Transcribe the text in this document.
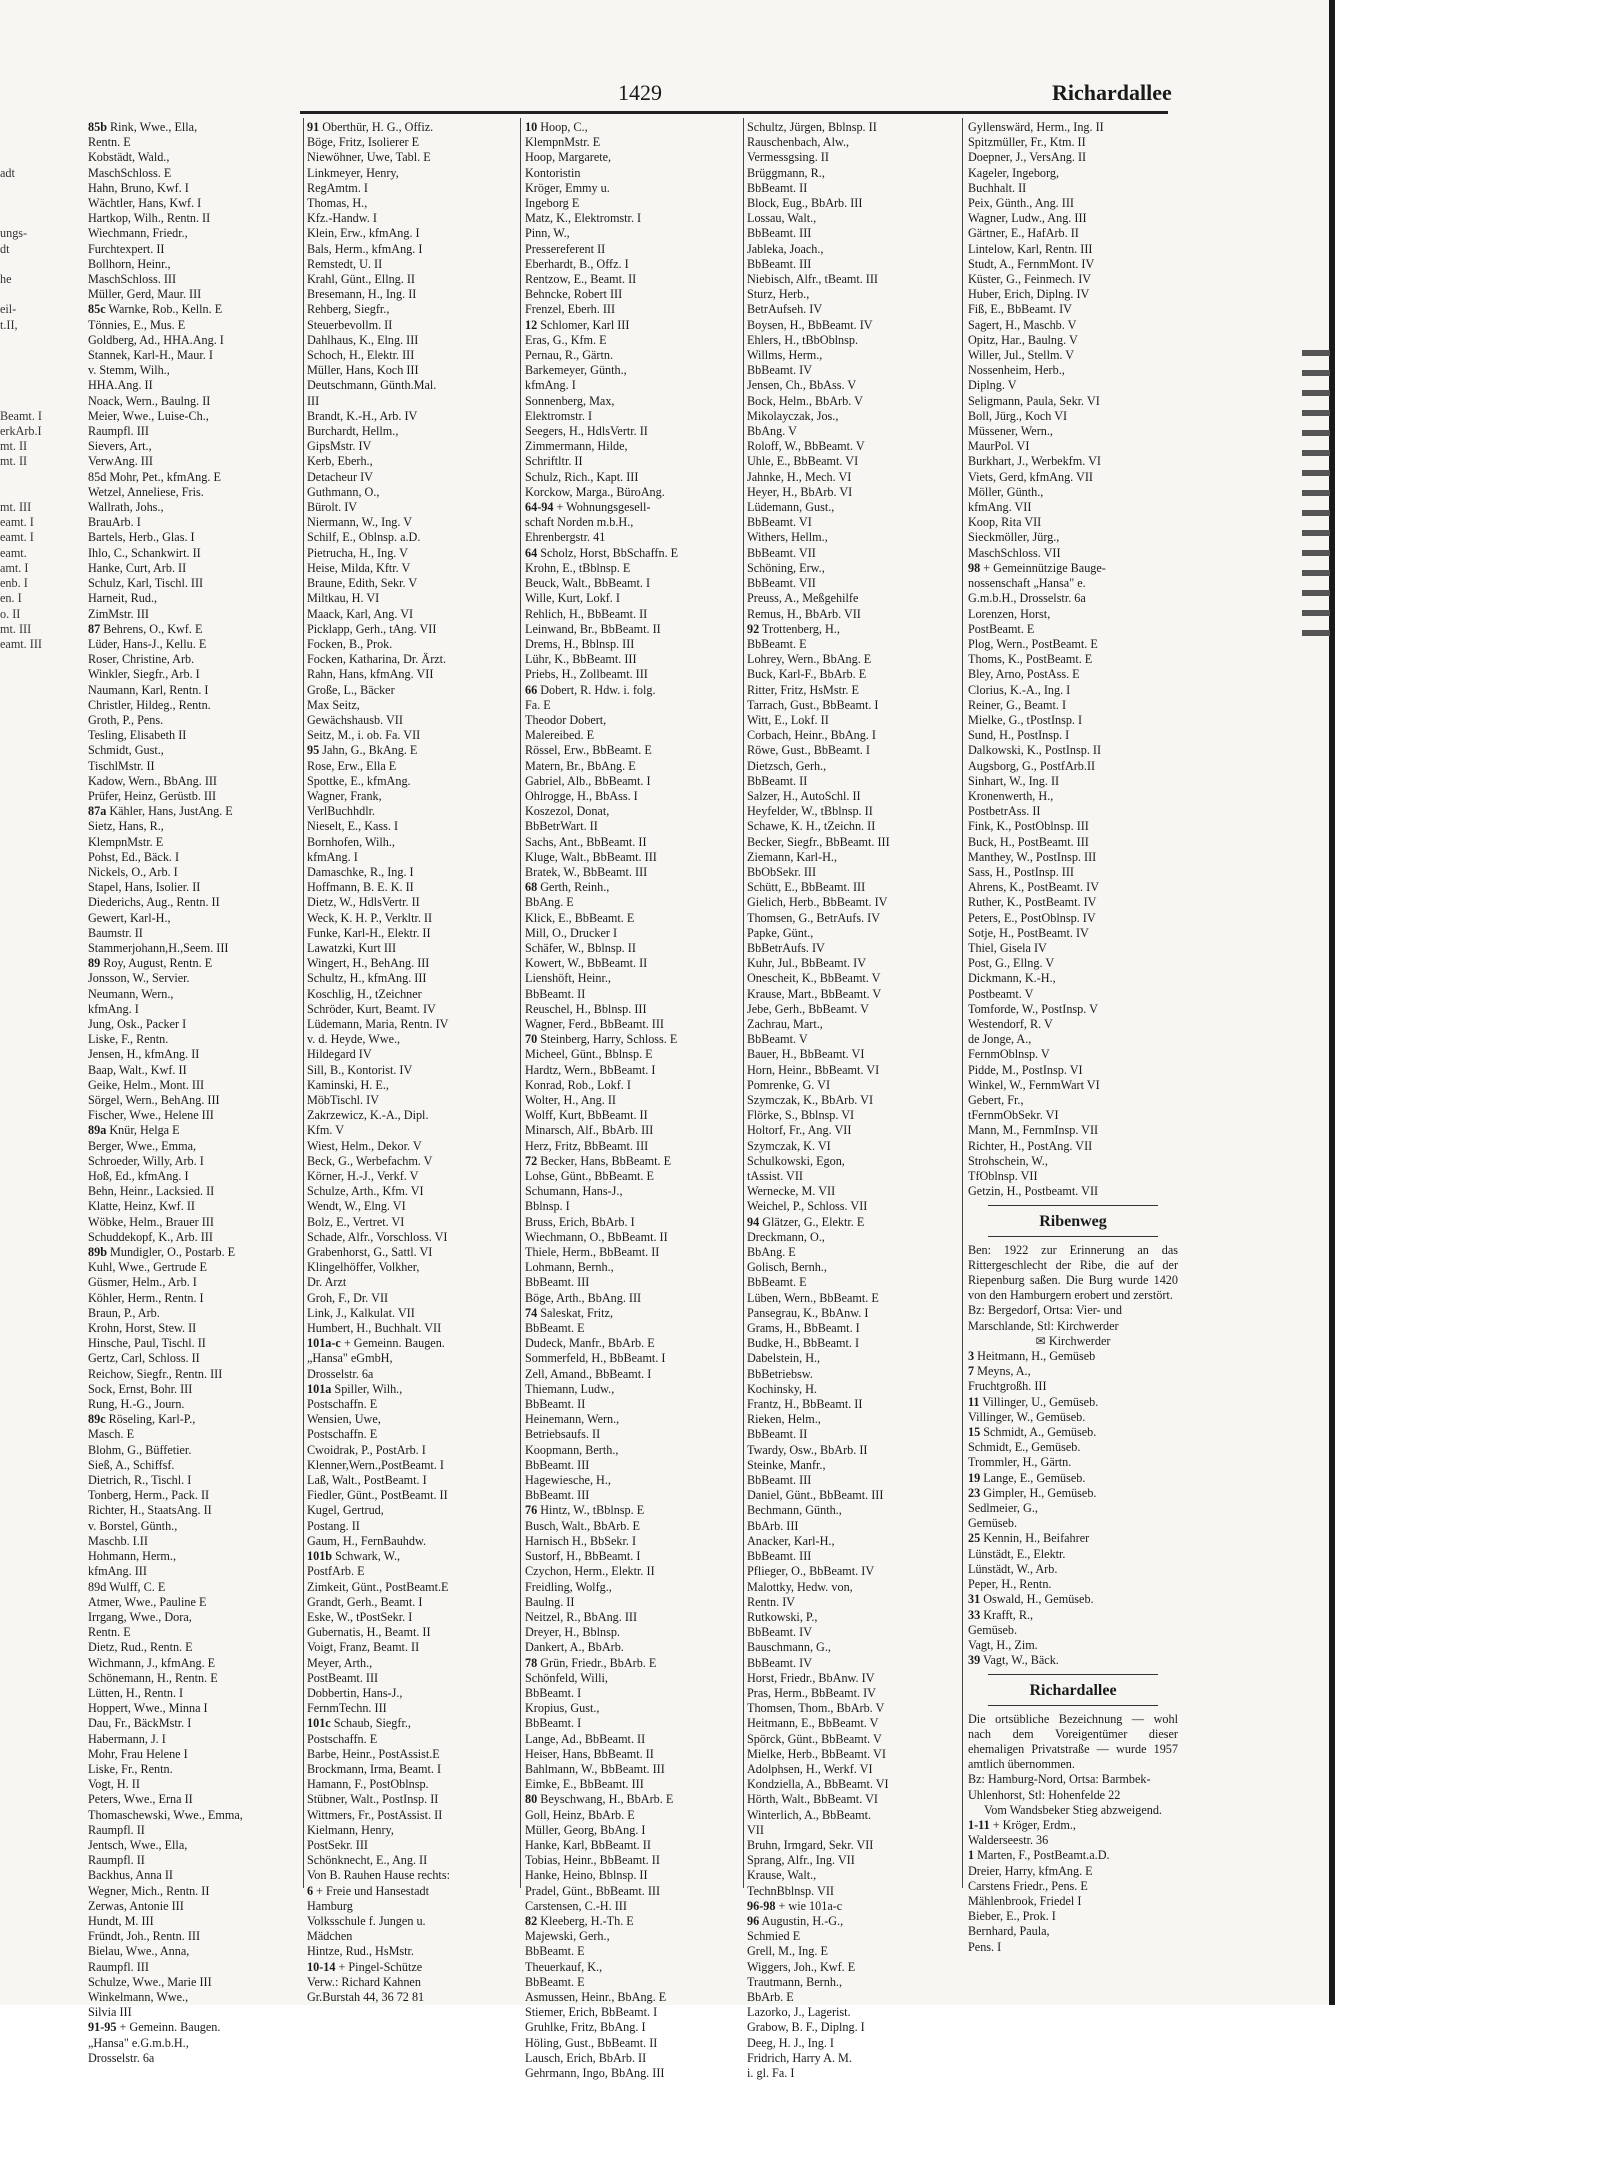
1429	Richardallee

adt

ungs-
dt

he

eil-
t.II,

Beamt. I
erkArb.I
mt. II
mt. II

mt. III
eamt. I
eamt. I
eamt.
amt. I
enb. I
en. I
o. II
mt. III
eamt. III
85b Rink, Wwe., Ella,
Rentn. E
Kobstädt, Wald.,
MaschSchloss. E
Hahn, Bruno, Kwf. I
Wächtler, Hans, Kwf. I
Hartkop, Wilh., Rentn. II
Wiechmann, Friedr.,
Furchtexpert. II
Bollhorn, Heinr.,
MaschSchloss. III
Müller, Gerd, Maur. III
85c Warnke, Rob., Kelln. E
Tönnies, E., Mus. E
Goldberg, Ad., HHA.Ang. I
Stannek, Karl-H., Maur. I
v. Stemm, Wilh.,
HHA.Ang. II
Noack, Wern., Baulng. II
Meier, Wwe., Luise-Ch.,
Raumpfl. III
Sievers, Art.,
VerwAng. III
85d Mohr, Pet., kfmAng. E
Wetzel, Anneliese, Fris.
Wallrath, Johs.,
BrauArb. I
Bartels, Herb., Glas. I
Ihlo, C., Schankwirt. II
Hanke, Curt, Arb. II
Schulz, Karl, Tischl. III
Harneit, Rud.,
ZimMstr. III
87 Behrens, O., Kwf. E
Lüder, Hans-J., Kellu. E
Roser, Christine, Arb.
Winkler, Siegfr., Arb. I
Naumann, Karl, Rentn. I
Christler, Hildeg., Rentn.
Groth, P., Pens.
Tesling, Elisabeth II
Schmidt, Gust.,
TischlMstr. II
Kadow, Wern., BbAng. III
Prüfer, Heinz, Gerüstb. III
87a Kähler, Hans, JustAng. E
Sietz, Hans, R.,
KlempnMstr. E
Pohst, Ed., Bäck. I
Nickels, O., Arb. I
Stapel, Hans, Isolier. II
Diederichs, Aug., Rentn. II
Gewert, Karl-H.,
Baumstr. II
Stammerjohann,H.,Seem. III
89 Roy, August, Rentn. E
Jonsson, W., Servier.
Neumann, Wern.,
kfmAng. I
Jung, Osk., Packer I
Liske, F., Rentn.
Jensen, H., kfmAng. II
Baap, Walt., Kwf. II
Geike, Helm., Mont. III
Sörgel, Wern., BehAng. III
Fischer, Wwe., Helene III
89a Knür, Helga E
Berger, Wwe., Emma,
Schroeder, Willy, Arb. I
Hoß, Ed., kfmAng. I
Behn, Heinr., Lacksied. II
Klatte, Heinz, Kwf. II
Wöbke, Helm., Brauer III
Schuddekopf, K., Arb. III
89b Mundigler, O., Postarb. E
Kuhl, Wwe., Gertrude E
Güsmer, Helm., Arb. I
Köhler, Herm., Rentn. I
Braun, P., Arb.
Krohn, Horst, Stew. II
Hinsche, Paul, Tischl. II
Gertz, Carl, Schloss. II
Reichow, Siegfr., Rentn. III
Sock, Ernst, Bohr. III
Rung, H.-G., Journ.
89c Röseling, Karl-P.,
Masch. E
Blohm, G., Büffetier.
Sieß, A., Schiffsf.
Dietrich, R., Tischl. I
Tonberg, Herm., Pack. II
Richter, H., StaatsAng. II
v. Borstel, Günth.,
Maschb. I.II
Hohmann, Herm.,
kfmAng. III
89d Wulff, C. E
Atmer, Wwe., Pauline E
Irrgang, Wwe., Dora,
Rentn. E
Dietz, Rud., Rentn. E
Wichmann, J., kfmAng. E
Schönemann, H., Rentn. E
Lütten, H., Rentn. I
Hoppert, Wwe., Minna I
Dau, Fr., BäckMstr. I
Habermann, J. I
Mohr, Frau Helene I
Liske, Fr., Rentn.
Vogt, H. II
Peters, Wwe., Erna II
Thomaschewski, Wwe., Emma,
Raumpfl. II
Jentsch, Wwe., Ella,
Raumpfl. II
Backhus, Anna II
Wegner, Mich., Rentn. II
Zerwas, Antonie III
Hundt, M. III
Fründt, Joh., Rentn. III
Bielau, Wwe., Anna,
Raumpfl. III
Schulze, Wwe., Marie III
Winkelmann, Wwe.,
Silvia III
91-95 + Gemeinn. Baugen.
„Hansa" e.G.m.b.H.,
Drosselstr. 6a
91 Oberthür, H. G., Offiz.
Böge, Fritz, Isolierer E
Niewöhner, Uwe, Tabl. E
Linkmeyer, Henry,
RegAmtm. I
Thomas, H.,
Kfz.-Handw. I
Klein, Erw., kfmAng. I
Bals, Herm., kfmAng. I
Remstedt, U. II
Krahl, Günt., Ellng. II
Bresemann, H., Ing. II
Rehberg, Siegfr.,
Steuerbevollm. II
Dahlhaus, K., Elng. III
Schoch, H., Elektr. III
Müller, Hans, Koch III
Deutschmann, Günth.Mal.
III
Brandt, K.-H., Arb. IV
Burchardt, Hellm.,
GipsMstr. IV
Kerb, Eberh.,
Detacheur IV
Guthmann, O.,
Bürolt. IV
Niermann, W., Ing. V
Schilf, E., Oblnsp. a.D.
Pietrucha, H., Ing. V
Heise, Milda, Kftr. V
Braune, Edith, Sekr. V
Miltkau, H. VI
Maack, Karl, Ang. VI
Picklapp, Gerh., tAng. VII
Focken, B., Prok.
Focken, Katharina, Dr. Ärzt.
Rahn, Hans, kfmAng. VII
Große, L., Bäcker
Max Seitz,
Gewächshausb. VII
Seitz, M., i. ob. Fa. VII
95 Jahn, G., BkAng. E
Rose, Erw., Ella E
Spottke, E., kfmAng.
Wagner, Frank,
VerlBuchhdlr.
Nieselt, E., Kass. I
Bornhofen, Wilh.,
kfmAng. I
Damaschke, R., Ing. I
Hoffmann, B. E. K. II
Dietz, W., HdlsVertr. II
Weck, K. H. P., Verkltr. II
Funke, Karl-H., Elektr. II
Lawatzki, Kurt III
Wingert, H., BehAng. III
Schultz, H., kfmAng. III
Koschlig, H., tZeichner
Schröder, Kurt, Beamt. IV
Lüdemann, Maria, Rentn. IV
v. d. Heyde, Wwe.,
Hildegard IV
Sill, B., Kontorist. IV
Kaminski, H. E.,
MöbTischl. IV
Zakrzewicz, K.-A., Dipl.
Kfm. V
Wiest, Helm., Dekor. V
Beck, G., Werbefachm. V
Körner, H.-J., Verkf. V
Schulze, Arth., Kfm. VI
Wendt, W., Elng. VI
Bolz, E., Vertret. VI
Schade, Alfr., Vorschloss. VI
Grabenhorst, G., Sattl. VI
Klingelhöffer, Volkher,
Dr. Arzt
Groh, F., Dr. VII
Link, J., Kalkulat. VII
Humbert, H., Buchhalt. VII
101a-c + Gemeinn. Baugen.
„Hansa" eGmbH,
Drosselstr. 6a
101a Spiller, Wilh.,
Postschaffn. E
Wensien, Uwe,
Postschaffn. E
Cwoidrak, P., PostArb. I
Klenner,Wern.,PostBeamt. I
Laß, Walt., PostBeamt. I
Fiedler, Günt., PostBeamt. II
Kugel, Gertrud,
Postang. II
Gaum, H., FernBauhdw.
101b Schwark, W.,
PostfArb. E
Zimkeit, Günt., PostBeamt.E
Grandt, Gerh., Beamt. I
Eske, W., tPostSekr. I
Gubernatis, H., Beamt. II
Voigt, Franz, Beamt. II
Meyer, Arth.,
PostBeamt. III
Dobbertin, Hans-J.,
FernmTechn. III
101c Schaub, Siegfr.,
Postschaffn. E
Barbe, Heinr., PostAssist.E
Brockmann, Irma, Beamt. I
Hamann, F., PostOblnsp.
Stübner, Walt., PostInsp. II
Wittmers, Fr., PostAssist. II
Kielmann, Henry,
PostSekr. III
Schönknecht, E., Ang. II
Von B. Rauhen Hause rechts:
6 + Freie und Hansestadt
Hamburg
Volksschule f. Jungen u.
Mädchen
Hintze, Rud., HsMstr.
10-14 + Pingel-Schütze
Verw.: Richard Kahnen
Gr.Burstah 44, 36 72 81
10 Hoop, C.,
KlempnMstr. E
Hoop, Margarete,
Kontoristin
Kröger, Emmy u.
Ingeborg E
Matz, K., Elektromstr. I
Pinn, W.,
Pressereferent II
Eberhardt, B., Offz. I
Rentzow, E., Beamt. II
Behncke, Robert III
Frenzel, Eberh. III
12 Schlomer, Karl III
Eras, G., Kfm. E
Pernau, R., Gärtn.
Barkemeyer, Günth.,
kfmAng. I
Sonnenberg, Max,
Elektromstr. I
Seegers, H., HdlsVertr. II
Zimmermann, Hilde,
Schriftltr. II
Schulz, Rich., Kapt. III
Korckow, Marga., BüroAng.
64-94 + Wohnungsgesell-
schaft Norden m.b.H.,
Ehrenbergstr. 41
64 Scholz, Horst, BbSchaffn. E
Krohn, E., tBblnsp. E
Beuck, Walt., BbBeamt. I
Wille, Kurt, Lokf. I
Rehlich, H., BbBeamt. II
Leinwand, Br., BbBeamt. II
Drems, H., Bblnsp. III
Lühr, K., BbBeamt. III
Priebs, H., Zollbeamt. III
66 Dobert, R. Hdw. i. folg.
Fa. E
Theodor Dobert,
Malereibed. E
Rössel, Erw., BbBeamt. E
Matern, Br., BbAng. E
Gabriel, Alb., BbBeamt. I
Ohlrogge, H., BbAss. I
Koszezol, Donat,
BbBetrWart. II
Sachs, Ant., BbBeamt. II
Kluge, Walt., BbBeamt. III
Bratek, W., BbBeamt. III
68 Gerth, Reinh.,
BbAng. E
Klick, E., BbBeamt. E
Mill, O., Drucker I
Schäfer, W., Bblnsp. II
Kowert, W., BbBeamt. II
Lienshöft, Heinr.,
BbBeamt. II
Reuschel, H., Bblnsp. III
Wagner, Ferd., BbBeamt. III
70 Steinberg, Harry, Schloss. E
Micheel, Günt., Bblnsp. E
Hardtz, Wern., BbBeamt. I
Konrad, Rob., Lokf. I
Wolter, H., Ang. II
Wolff, Kurt, BbBeamt. II
Minarsch, Alf., BbArb. III
Herz, Fritz, BbBeamt. III
72 Becker, Hans, BbBeamt. E
Lohse, Günt., BbBeamt. E
Schumann, Hans-J.,
Bblnsp. I
Bruss, Erich, BbArb. I
Wiechmann, O., BbBeamt. II
Thiele, Herm., BbBeamt. II
Lohmann, Bernh.,
BbBeamt. III
Böge, Arth., BbAng. III
74 Saleskat, Fritz,
BbBeamt. E
Dudeck, Manfr., BbArb. E
Sommerfeld, H., BbBeamt. I
Zell, Amand., BbBeamt. I
Thiemann, Ludw.,
BbBeamt. II
Heinemann, Wern.,
Betriebsaufs. II
Koopmann, Berth.,
BbBeamt. III
Hagewiesche, H.,
BbBeamt. III
76 Hintz, W., tBblnsp. E
Busch, Walt., BbArb. E
Harnisch H., BbSekr. I
Sustorf, H., BbBeamt. I
Czychon, Herm., Elektr. II
Freidling, Wolfg.,
Baulng. II
Neitzel, R., BbAng. III
Dreyer, H., Bblnsp.
Dankert, A., BbArb.
78 Grün, Friedr., BbArb. E
Schönfeld, Willi,
BbBeamt. I
Kropius, Gust.,
BbBeamt. I
Lange, Ad., BbBeamt. II
Heiser, Hans, BbBeamt. II
Bahlmann, W., BbBeamt. III
Eimke, E., BbBeamt. III
80 Beyschwang, H., BbArb. E
Goll, Heinz, BbArb. E
Müller, Georg, BbAng. I
Hanke, Karl, BbBeamt. II
Tobias, Heinr., BbBeamt. II
Hanke, Heino, Bblnsp. II
Pradel, Günt., BbBeamt. III
Carstensen, C.-H. III
82 Kleeberg, H.-Th. E
Majewski, Gerh.,
BbBeamt. E
Theuerkauf, K.,
BbBeamt. E
Asmussen, Heinr., BbAng. E
Stiemer, Erich, BbBeamt. I
Gruhlke, Fritz, BbAng. I
Höling, Gust., BbBeamt. II
Lausch, Erich, BbArb. II
Gehrmann, Ingo, BbAng. III
Schultz, Jürgen, Bblnsp. II
Rauschenbach, Alw.,
Vermessgsing. II
Brüggmann, R.,
BbBeamt. II
Block, Eug., BbArb. III
Lossau, Walt.,
BbBeamt. III
Jableka, Joach.,
BbBeamt. III
Niebisch, Alfr., tBeamt. III
Sturz, Herb.,
BetrAufseh. IV
Boysen, H., BbBeamt. IV
Ehlers, H., tBbOblnsp.
Willms, Herm.,
BbBeamt. IV
Jensen, Ch., BbAss. V
Bock, Helm., BbArb. V
Mikolayczak, Jos.,
BbAng. V
Roloff, W., BbBeamt. V
Uhle, E., BbBeamt. VI
Jahnke, H., Mech. VI
Heyer, H., BbArb. VI
Lüdemann, Gust.,
BbBeamt. VI
Withers, Hellm.,
BbBeamt. VII
Schöning, Erw.,
BbBeamt. VII
Preuss, A., Meßgehilfe
Remus, H., BbArb. VII
92 Trottenberg, H.,
BbBeamt. E
Lohrey, Wern., BbAng. E
Buck, Karl-F., BbArb. E
Ritter, Fritz, HsMstr. E
Tarrach, Gust., BbBeamt. I
Witt, E., Lokf. II
Corbach, Heinr., BbAng. I
Röwe, Gust., BbBeamt. I
Dietzsch, Gerh.,
BbBeamt. II
Salzer, H., AutoSchl. II
Heyfelder, W., tBblnsp. II
Schawe, K. H., tZeichn. II
Becker, Siegfr., BbBeamt. III
Ziemann, Karl-H.,
BbObSekr. III
Schütt, E., BbBeamt. III
Gielich, Herb., BbBeamt. IV
Thomsen, G., BetrAufs. IV
Papke, Günt.,
BbBetrAufs. IV
Kuhr, Jul., BbBeamt. IV
Onescheit, K., BbBeamt. V
Krause, Mart., BbBeamt. V
Jebe, Gerh., BbBeamt. V
Zachrau, Mart.,
BbBeamt. V
Bauer, H., BbBeamt. VI
Horn, Heinr., BbBeamt. VI
Pomrenke, G. VI
Szymczak, K., BbArb. VI
Flörke, S., Bblnsp. VI
Holtorf, Fr., Ang. VII
Szymczak, K. VI
Schulkowski, Egon,
tAssist. VII
Wernecke, M. VII
Weichel, P., Schloss. VII
94 Glätzer, G., Elektr. E
Dreckmann, O.,
BbAng. E
Golisch, Bernh.,
BbBeamt. E
Lüben, Wern., BbBeamt. E
Pansegrau, K., BbAnw. I
Grams, H., BbBeamt. I
Budke, H., BbBeamt. I
Dabelstein, H.,
BbBetriebsw.
Kochinsky, H.
Frantz, H., BbBeamt. II
Rieken, Helm.,
BbBeamt. II
Twardy, Osw., BbArb. II
Steinke, Manfr.,
BbBeamt. III
Daniel, Günt., BbBeamt. III
Bechmann, Günth.,
BbArb. III
Anacker, Karl-H.,
BbBeamt. III
Pflieger, O., BbBeamt. IV
Malottky, Hedw. von,
Rentn. IV
Rutkowski, P.,
BbBeamt. IV
Bauschmann, G.,
BbBeamt. IV
Horst, Friedr., BbAnw. IV
Pras, Herm., BbBeamt. IV
Thomsen, Thom., BbArb. V
Heitmann, E., BbBeamt. V
Spörck, Günt., BbBeamt. V
Mielke, Herb., BbBeamt. VI
Adolphsen, H., Werkf. VI
Kondziella, A., BbBeamt. VI
Hörth, Walt., BbBeamt. VI
Winterlich, A., BbBeamt.
VII
Bruhn, Irmgard, Sekr. VII
Sprang, Alfr., Ing. VII
Krause, Walt.,
TechnBblnsp. VII
96-98 + wie 101a-c
96 Augustin, H.-G.,
Schmied E
Grell, M., Ing. E
Wiggers, Joh., Kwf. E
Trautmann, Bernh.,
BbArb. E
Lazorko, J., Lagerist.
Grabow, B. F., Diplng. I
Deeg, H. J., Ing. I
Fridrich, Harry A. M.
i. gl. Fa. I
Gyllenswärd, Herm., Ing. II
Spitzmüller, Fr., Ktm. II
Doepner, J., VersAng. II
Kageler, Ingeborg,
Buchhalt. II
Peix, Günth., Ang. III
Wagner, Ludw., Ang. III
Gärtner, E., HafArb. II
Lintelow, Karl, Rentn. III
Studt, A., FernmMont. IV
Küster, G., Feinmech. IV
Huber, Erich, Diplng. IV
Fiß, E., BbBeamt. IV
Sagert, H., Maschb. V
Opitz, Har., Baulng. V
Willer, Jul., Stellm. V
Nossenheim, Herb.,
Diplng. V
Seligmann, Paula, Sekr. VI
Boll, Jürg., Koch VI
Müssener, Wern.,
MaurPol. VI
Burkhart, J., Werbekfm. VI
Viets, Gerd, kfmAng. VII
Möller, Günth.,
kfmAng. VII
Koop, Rita VII
Sieckmöller, Jürg.,
MaschSchloss. VII
98 + Gemeinnützige Bauge-
nossenschaft „Hansa" e.
G.m.b.H., Drosselstr. 6a
Lorenzen, Horst,
PostBeamt. E
Plog, Wern., PostBeamt. E
Thoms, K., PostBeamt. E
Bley, Arno, PostAss. E
Clorius, K.-A., Ing. I
Reiner, G., Beamt. I
Mielke, G., tPostInsp. I
Sund, H., PostInsp. I
Dalkowski, K., PostInsp. II
Augsborg, G., PostfArb.II
Sinhart, W., Ing. II
Kronenwerth, H.,
PostbetrAss. II
Fink, K., PostOblnsp. III
Buck, H., PostBeamt. III
Manthey, W., PostInsp. III
Sass, H., PostInsp. III
Ahrens, K., PostBeamt. IV
Ruther, K., PostBeamt. IV
Peters, E., PostOblnsp. IV
Sotje, H., PostBeamt. IV
Thiel, Gisela IV
Post, G., Ellng. V
Dickmann, K.-H.,
Postbeamt. V
Tomforde, W., PostInsp. V
Westendorf, R. V
de Jonge, A.,
FernmOblnsp. V
Pidde, M., PostInsp. VI
Winkel, W., FernmWart VI
Gebert, Fr.,
tFernmObSekr. VI
Mann, M., FernmInsp. VII
Richter, H., PostAng. VII
Strohschein, W.,
TfOblnsp. VII
Getzin, H., Postbeamt. VII
Ribenweg
Ben: 1922 zur Erinnerung an das Rittergeschlecht der Ribe, die auf der Riepenburg saßen. Die Burg wurde 1420 von den Hamburgern erobert und zerstört.
Bz: Bergedorf, Ortsa: Vier- und Marschlande, Stl: Kirchwerder
✉ Kirchwerder
3 Heitmann, H., Gemüseb
7 Meyns, A.,
Fruchtgroßh. III
11 Villinger, U., Gemüseb.
Villinger, W., Gemüseb.
15 Schmidt, A., Gemüseb.
Schmidt, E., Gemüseb.
Trommler, H., Gärtn.
19 Lange, E., Gemüseb.
23 Gimpler, H., Gemüseb.
Sedlmeier, G.,
Gemüseb.
25 Kennin, H., Beifahrer
Lünstädt, E., Elektr.
Lünstädt, W., Arb.
Peper, H., Rentn.
31 Oswald, H., Gemüseb.
33 Krafft, R.,
Gemüseb.
Vagt, H., Zim.
39 Vagt, W., Bäck.
Richardallee
Die ortsübliche Bezeichnung — wohl nach dem Voreigentümer dieser ehemaligen Privatstraße — wurde 1957 amtlich übernommen.
Bz: Hamburg-Nord, Ortsa: Barmbek-Uhlenhorst, Stl: Hohenfelde 22
Vom Wandsbeker Stieg abzweigend.
1-11 + Kröger, Erdm.,
Walderseestr. 36
1 Marten, F., PostBeamt.a.D.
Dreier, Harry, kfmAng. E
Carstens Friedr., Pens. E
Mählenbrook, Friedel I
Bieber, E., Prok. I
Bernhard, Paula,
Pens. I
